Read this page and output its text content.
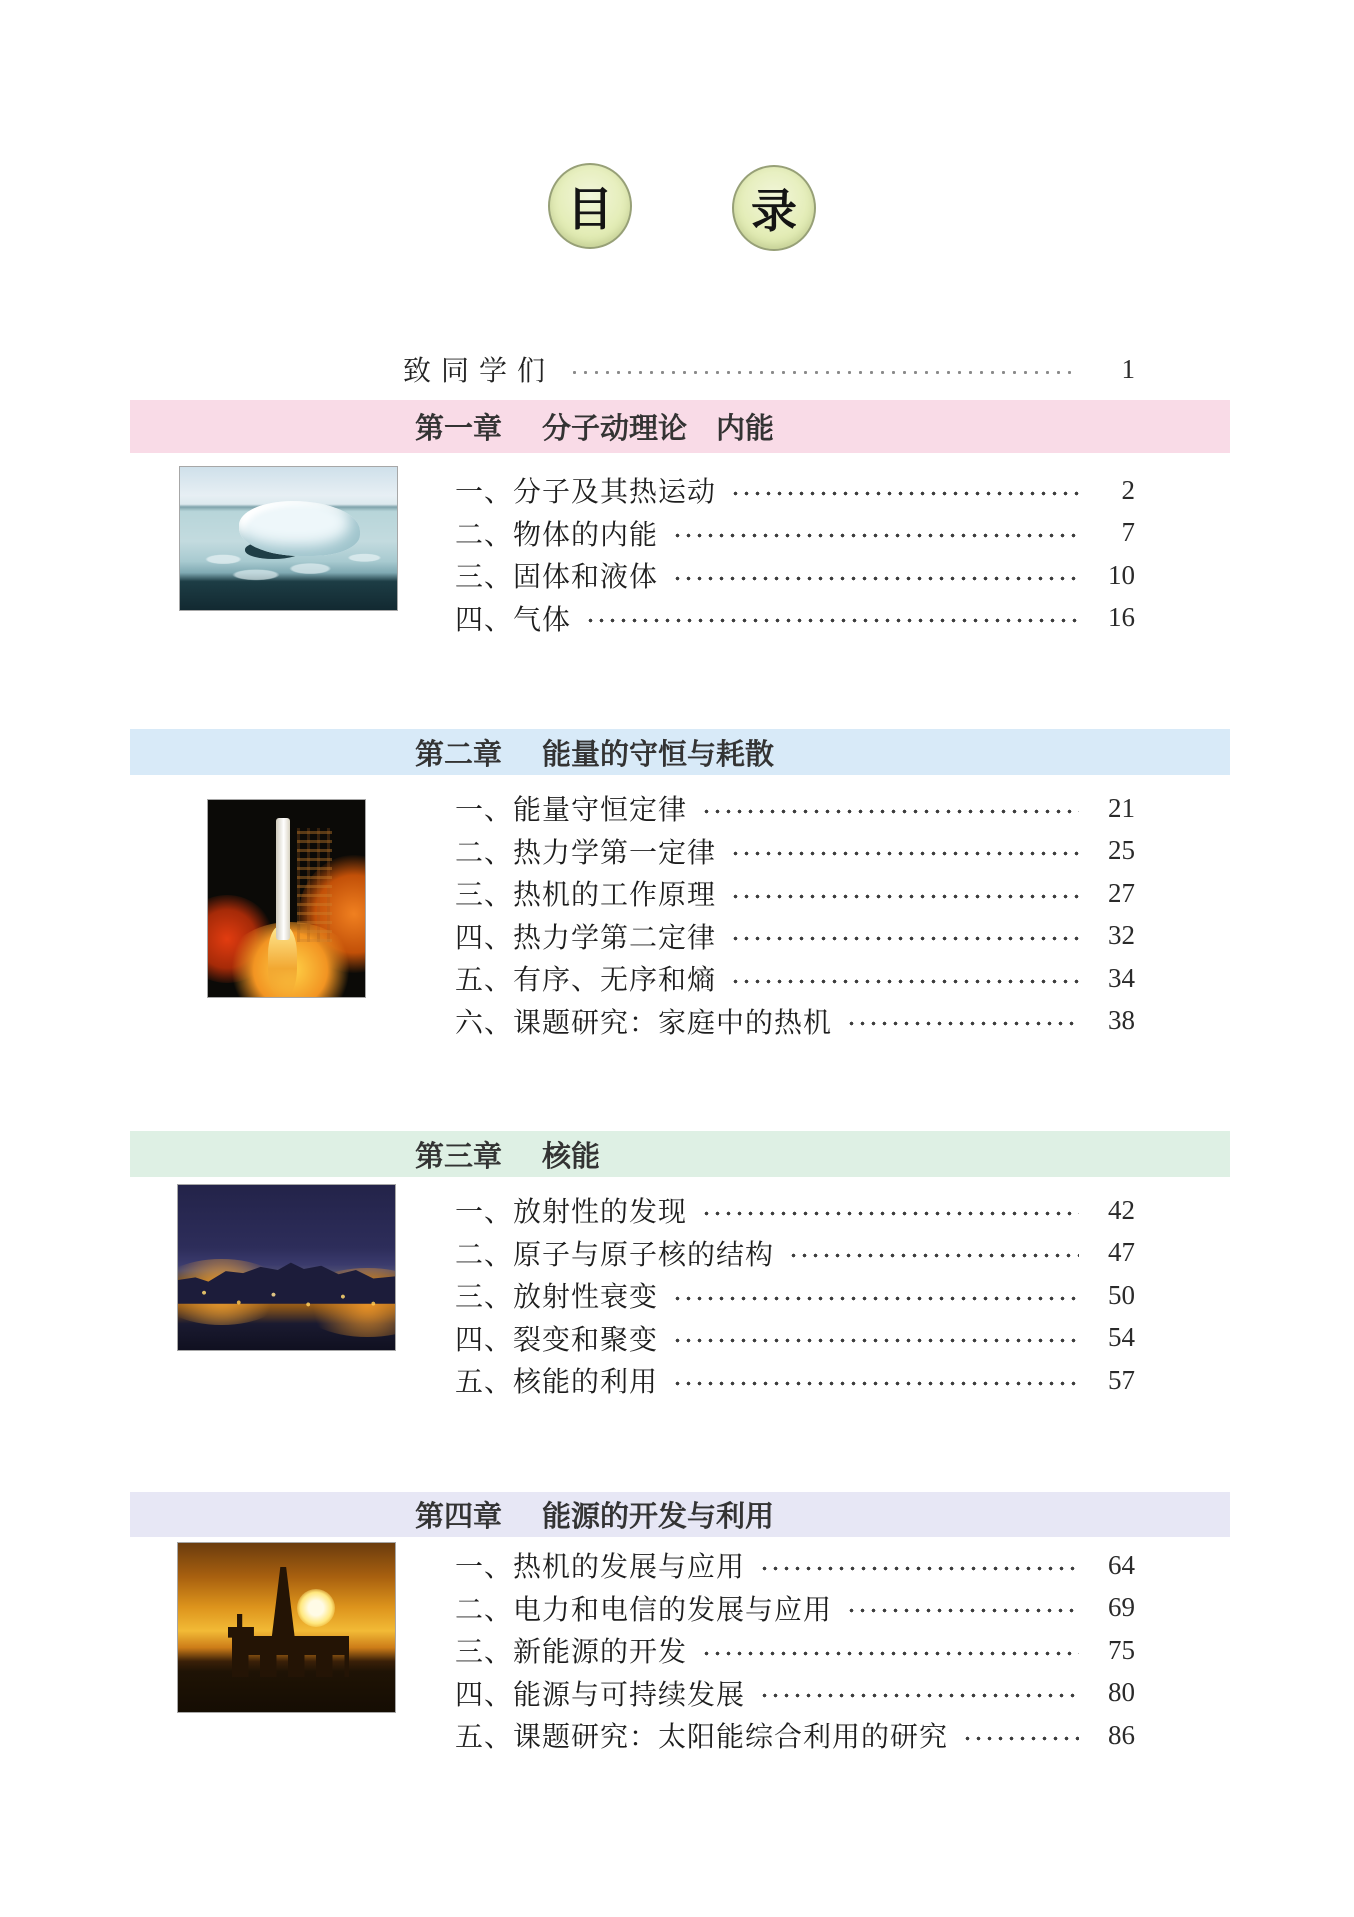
目	录
致同学们	1
第一章 分子动理论　内能
一、分子及其热运动	2
二、物体的内能	7
三、固体和液体	10
四、气体	16
第二章 能量的守恒与耗散
一、能量守恒定律	21
二、热力学第一定律	25
三、热机的工作原理	27
四、热力学第二定律	32
五、有序、无序和熵	34
六、课题研究：家庭中的热机	38
第三章 核能
一、放射性的发现	42
二、原子与原子核的结构	47
三、放射性衰变	50
四、裂变和聚变	54
五、核能的利用	57
第四章 能源的开发与利用
一、热机的发展与应用	64
二、电力和电信的发展与应用	69
三、新能源的开发	75
四、能源与可持续发展	80
五、课题研究：太阳能综合利用的研究	86
